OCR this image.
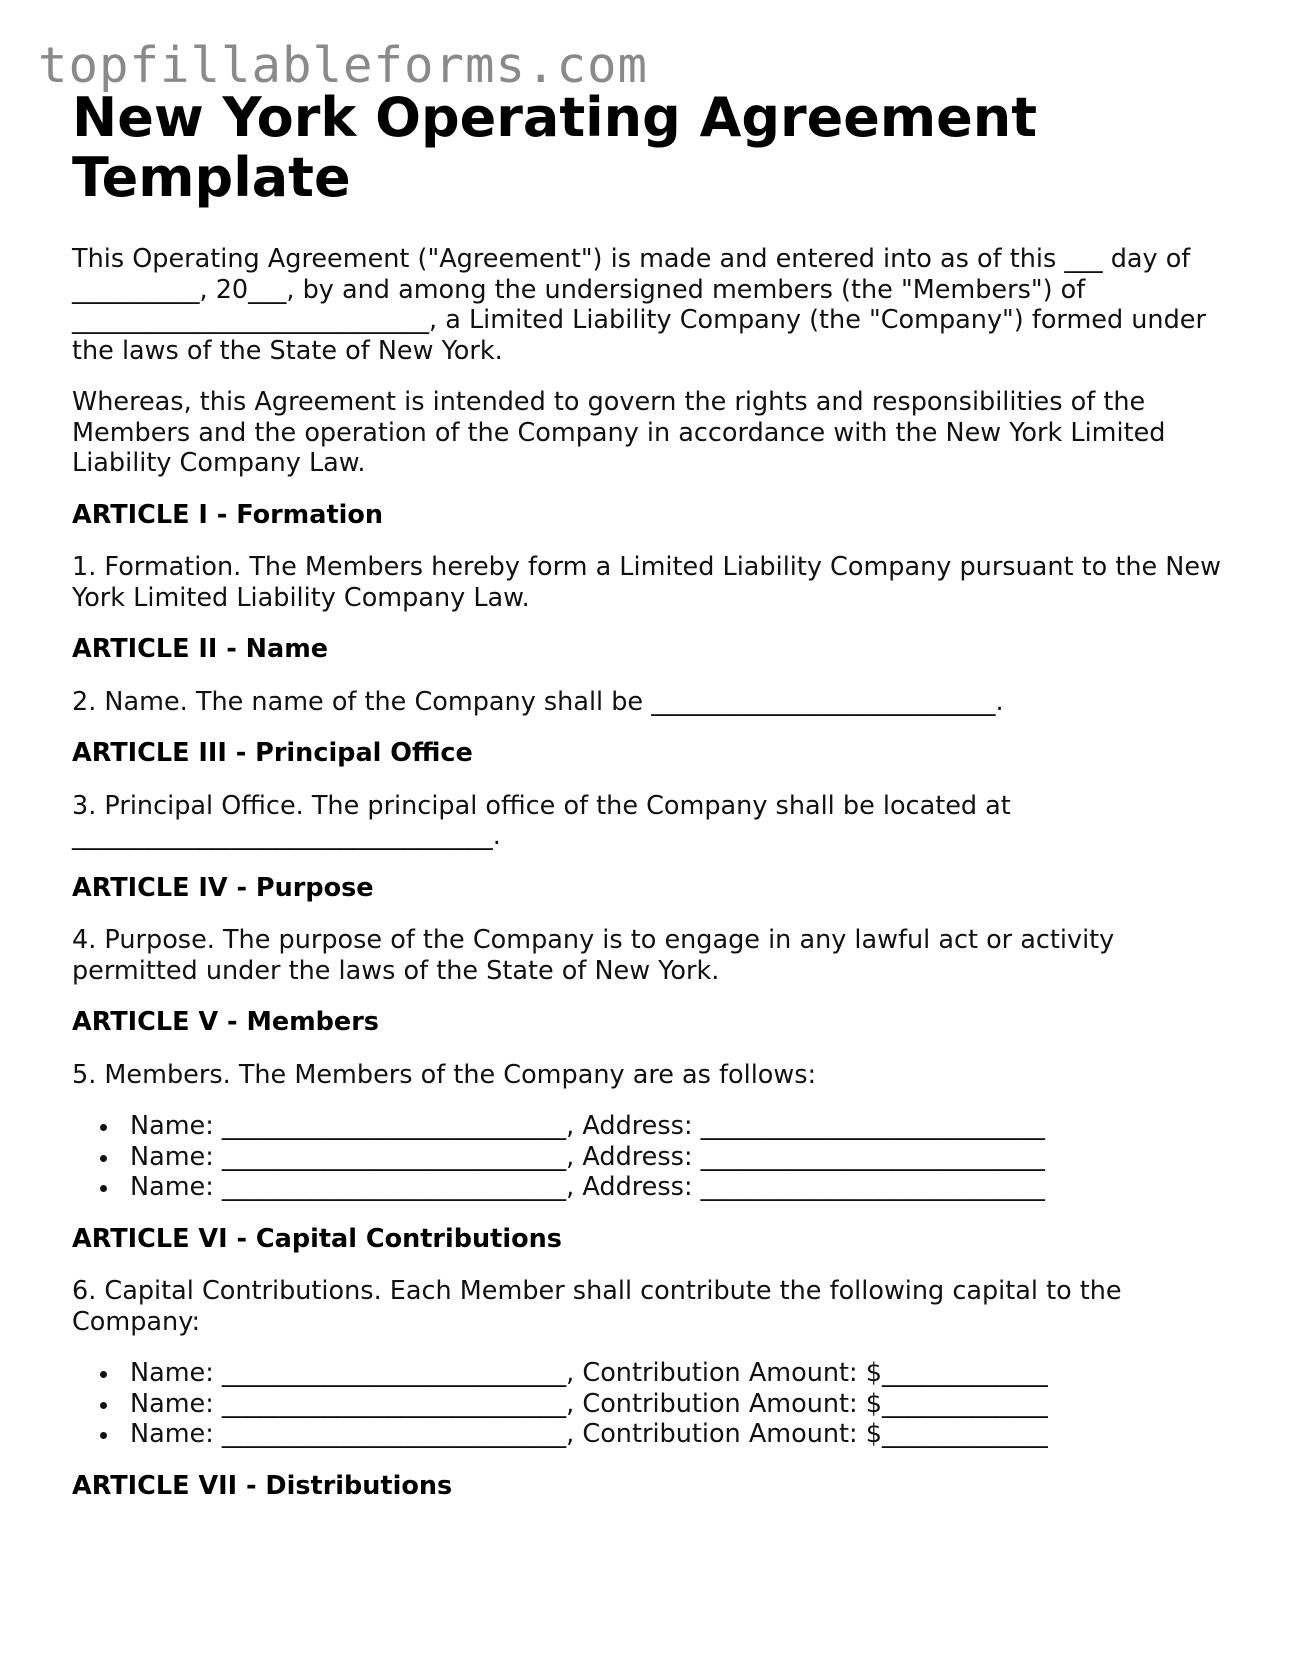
topfillableforms.com
New York Operating Agreement Template

This Operating Agreement ("Agreement") is made and entered into as of this ___ day of
__________, 20___, by and among the undersigned members (the "Members") of
____________________________, a Limited Liability Company (the "Company") formed under
the laws of the State of New York.

Whereas, this Agreement is intended to govern the rights and responsibilities of the
Members and the operation of the Company in accordance with the New York Limited
Liability Company Law.

ARTICLE I - Formation

1. Formation. The Members hereby form a Limited Liability Company pursuant to the New
York Limited Liability Company Law.

ARTICLE II - Name

2. Name. The name of the Company shall be ___________________________.

ARTICLE III - Principal Office

3. Principal Office. The principal office of the Company shall be located at
_________________________________.

ARTICLE IV - Purpose

4. Purpose. The purpose of the Company is to engage in any lawful act or activity
permitted under the laws of the State of New York.

ARTICLE V - Members

5. Members. The Members of the Company are as follows:

Name: ___________________________, Address: ___________________________
Name: ___________________________, Address: ___________________________
Name: ___________________________, Address: ___________________________
ARTICLE VI - Capital Contributions

6. Capital Contributions. Each Member shall contribute the following capital to the
Company:

Name: ___________________________, Contribution Amount: $_____________
Name: ___________________________, Contribution Amount: $_____________
Name: ___________________________, Contribution Amount: $_____________
ARTICLE VII - Distributions
